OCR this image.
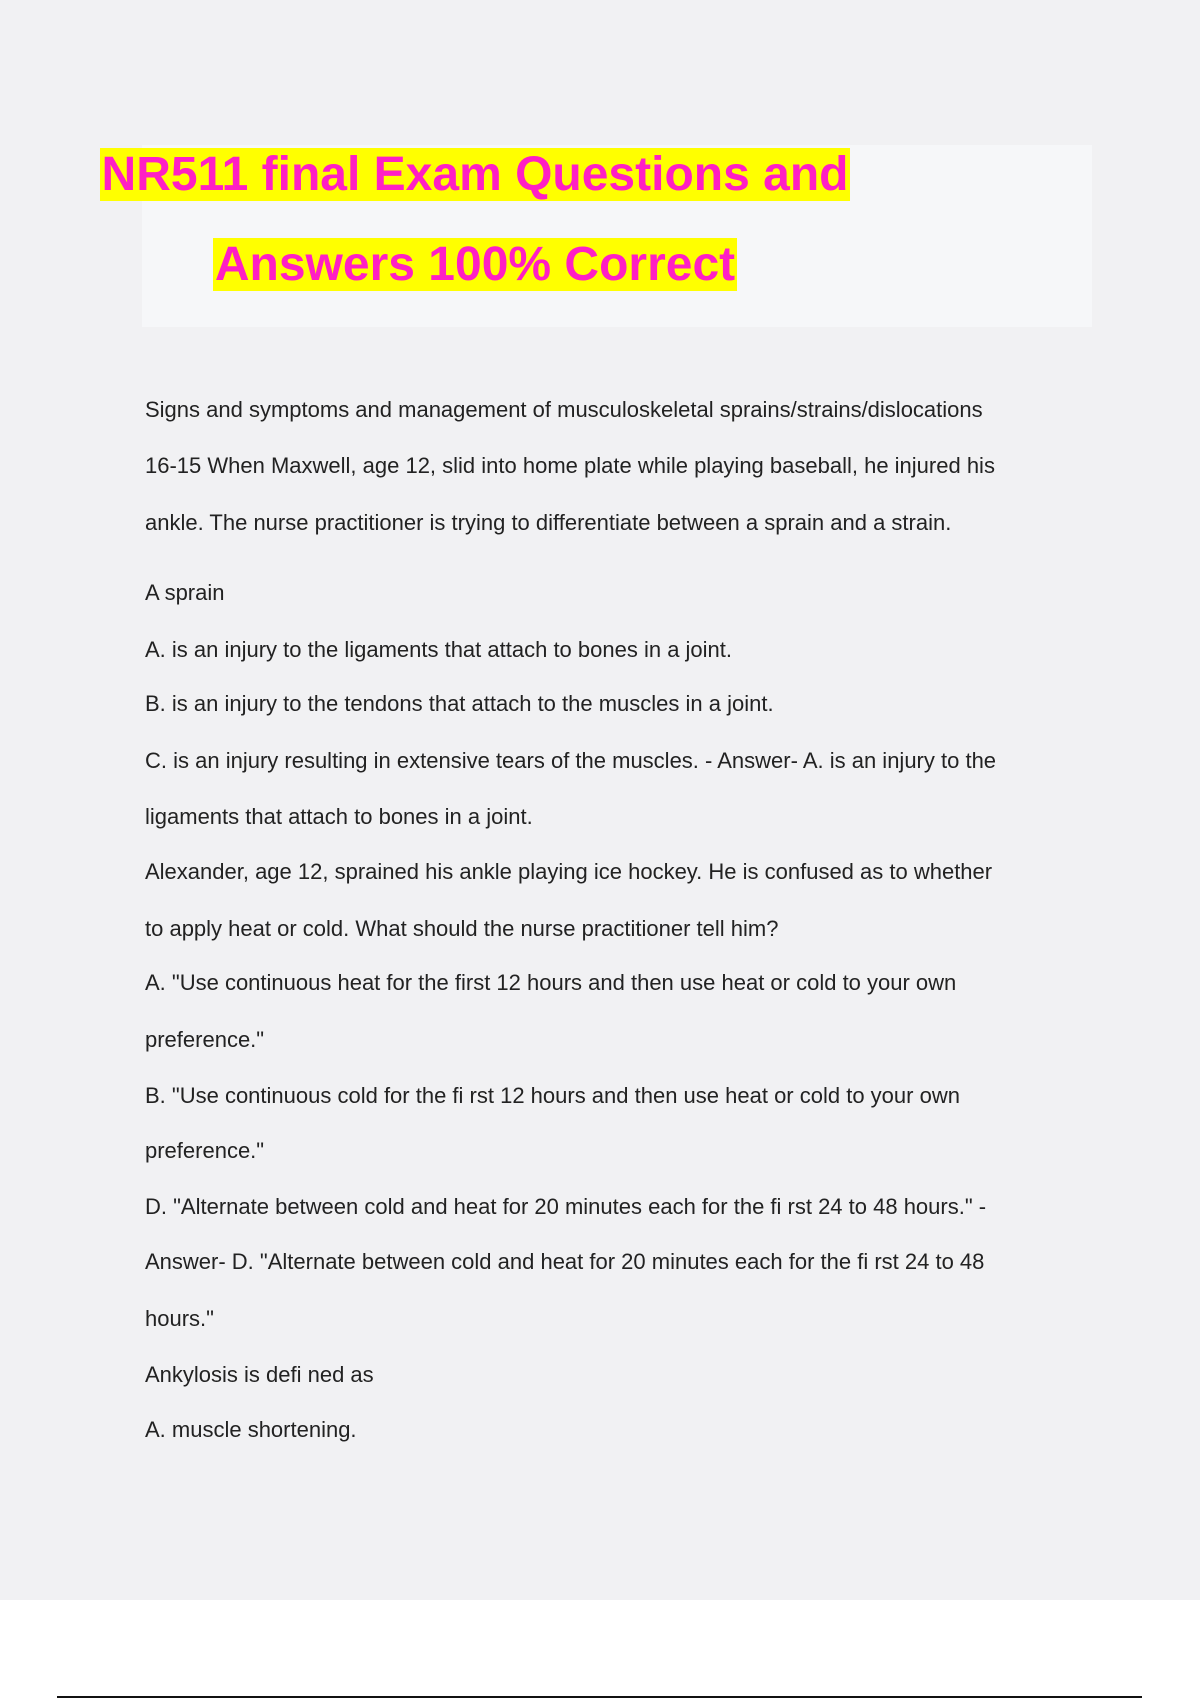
NR511 final Exam Questions and
Answers 100% Correct
Signs and symptoms and management of musculoskeletal sprains/strains/dislocations
16-15 When Maxwell, age 12, slid into home plate while playing baseball, he injured his
ankle. The nurse practitioner is trying to differentiate between a sprain and a strain.
A sprain
A. is an injury to the ligaments that attach to bones in a joint.
B. is an injury to the tendons that attach to the muscles in a joint.
C. is an injury resulting in extensive tears of the muscles. - Answer- A. is an injury to the
ligaments that attach to bones in a joint.
Alexander, age 12, sprained his ankle playing ice hockey. He is confused as to whether
to apply heat or cold. What should the nurse practitioner tell him?
A. "Use continuous heat for the first 12 hours and then use heat or cold to your own
preference."
B. "Use continuous cold for the fi rst 12 hours and then use heat or cold to your own
preference."
D. "Alternate between cold and heat for 20 minutes each for the fi rst 24 to 48 hours." -
Answer- D. "Alternate between cold and heat for 20 minutes each for the fi rst 24 to 48
hours."
Ankylosis is defi ned as
A. muscle shortening.
